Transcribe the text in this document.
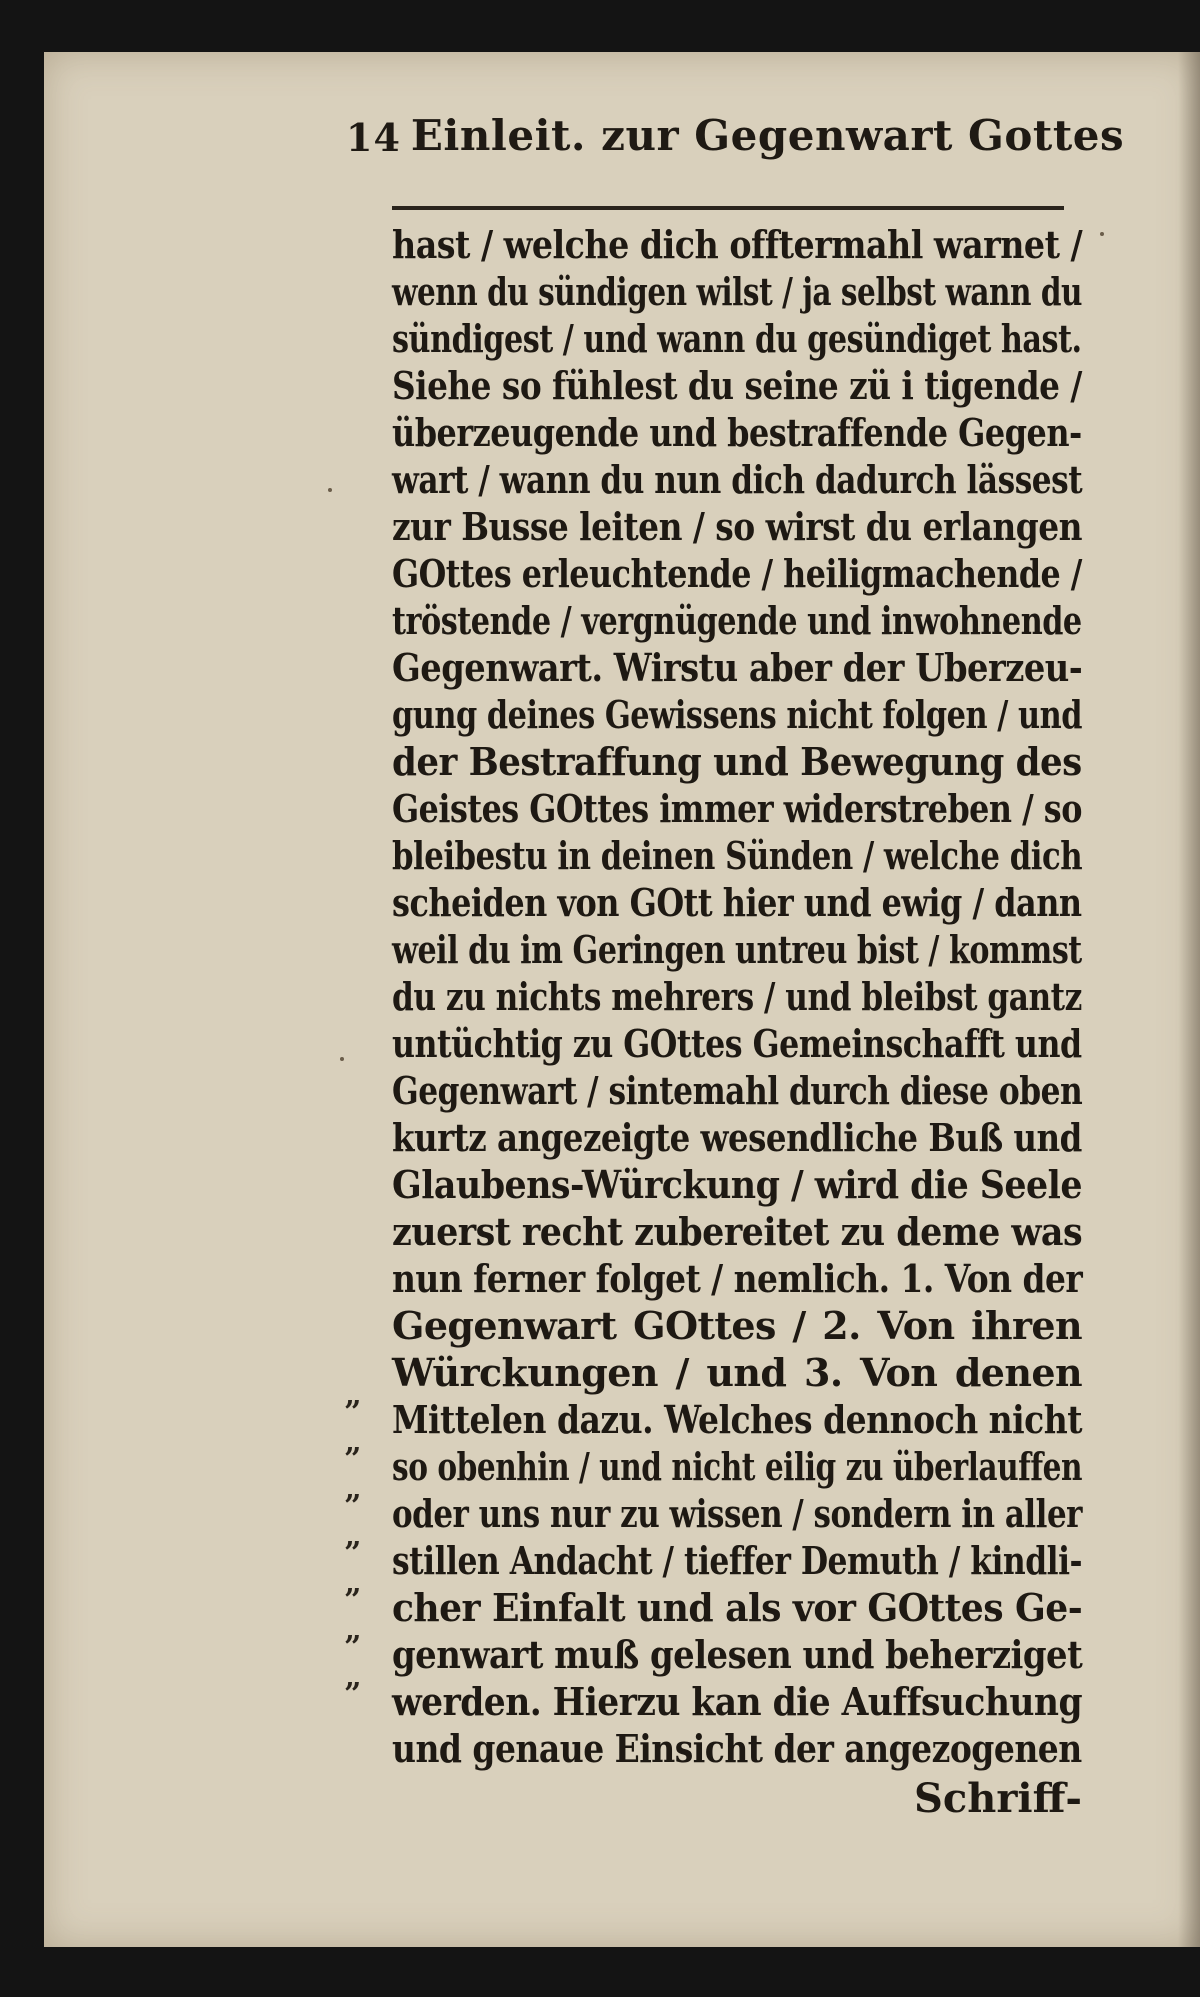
14 Einleit. zur Gegenwart Gottes
hast / welche dich offtermahl warnet /
wenn du sündigen wilst / ja selbst wann du
sündigest / und wann du gesündiget hast.
Siehe so fühlest du seine zü i tigende /
überzeugende und bestraffende Gegen-
wart / wann du nun dich dadurch lässest
zur Busse leiten / so wirst du erlangen
GOttes erleuchtende / heiligmachende /
tröstende / vergnügende und inwohnende
Gegenwart. Wirstu aber der Uberzeu-
gung deines Gewissens nicht folgen / und
der Bestraffung und Bewegung des
Geistes GOttes immer widerstreben / so
bleibestu in deinen Sünden / welche dich
scheiden von GOtt hier und ewig / dann
weil du im Geringen untreu bist / kommst
du zu nichts mehrers / und bleibst gantz
untüchtig zu GOttes Gemeinschafft und
Gegenwart / sintemahl durch diese oben
kurtz angezeigte wesendliche Buß und
Glaubens-Würckung / wird die Seele
zuerst recht zubereitet zu deme was
nun ferner folget / nemlich. 1. Von der
Gegenwart GOttes / 2. Von ihren
Würckungen / und 3. Von denen
” Mittelen dazu. Welches dennoch nicht
” so obenhin / und nicht eilig zu überlauffen
” oder uns nur zu wissen / sondern in aller
” stillen Andacht / tieffer Demuth / kindli-
” cher Einfalt und als vor GOttes Ge-
” genwart muß gelesen und beherziget
” werden. Hierzu kan die Auffsuchung
und genaue Einsicht der angezogenen
Schriff-
